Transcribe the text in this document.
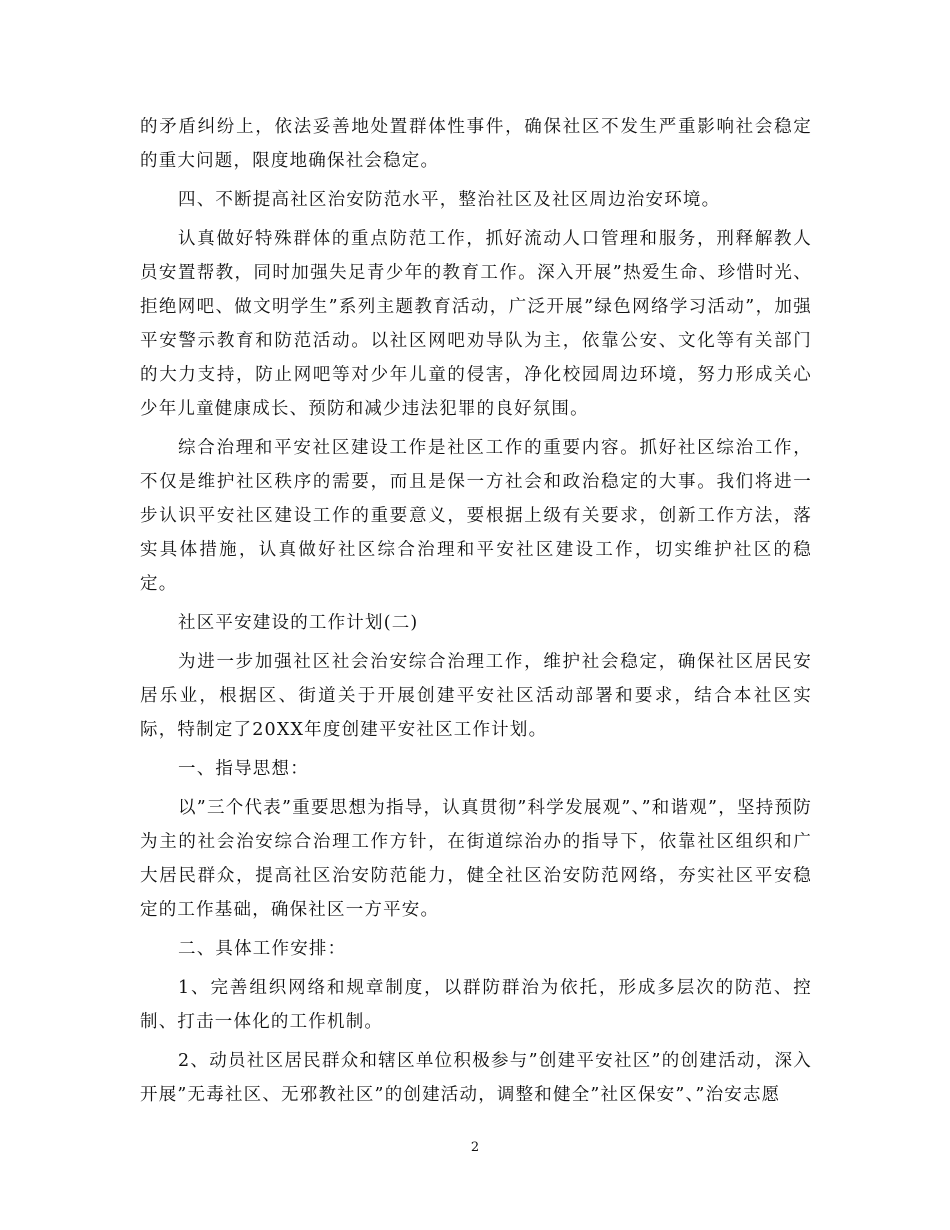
的矛盾纠纷上，依法妥善地处置群体性事件，确保社区不发生严重影响社会稳定的重大问题，限度地确保社会稳定。

四、不断提高社区治安防范水平，整治社区及社区周边治安环境。

认真做好特殊群体的重点防范工作，抓好流动人口管理和服务，刑释解教人员安置帮教，同时加强失足青少年的教育工作。深入开展”热爱生命、珍惜时光、拒绝网吧、做文明学生”系列主题教育活动，广泛开展”绿色网络学习活动”，加强平安警示教育和防范活动。以社区网吧劝导队为主，依靠公安、文化等有关部门的大力支持，防止网吧等对少年儿童的侵害，净化校园周边环境，努力形成关心少年儿童健康成长、预防和减少违法犯罪的良好氛围。

综合治理和平安社区建设工作是社区工作的重要内容。抓好社区综治工作，不仅是维护社区秩序的需要，而且是保一方社会和政治稳定的大事。我们将进一步认识平安社区建设工作的重要意义，要根据上级有关要求，创新工作方法，落实具体措施，认真做好社区综合治理和平安社区建设工作，切实维护社区的稳定。

社区平安建设的工作计划(二)

为进一步加强社区社会治安综合治理工作，维护社会稳定，确保社区居民安居乐业，根据区、街道关于开展创建平安社区活动部署和要求，结合本社区实际，特制定了20XX年度创建平安社区工作计划。

一、指导思想：

以”三个代表”重要思想为指导，认真贯彻”科学发展观”、”和谐观”，坚持预防为主的社会治安综合治理工作方针，在街道综治办的指导下，依靠社区组织和广大居民群众，提高社区治安防范能力，健全社区治安防范网络，夯实社区平安稳定的工作基础，确保社区一方平安。

二、具体工作安排：

1、完善组织网络和规章制度，以群防群治为依托，形成多层次的防范、控制、打击一体化的工作机制。

2、动员社区居民群众和辖区单位积极参与”创建平安社区”的创建活动，深入开展”无毒社区、无邪教社区”的创建活动，调整和健全”社区保安”、”治安志愿

2
